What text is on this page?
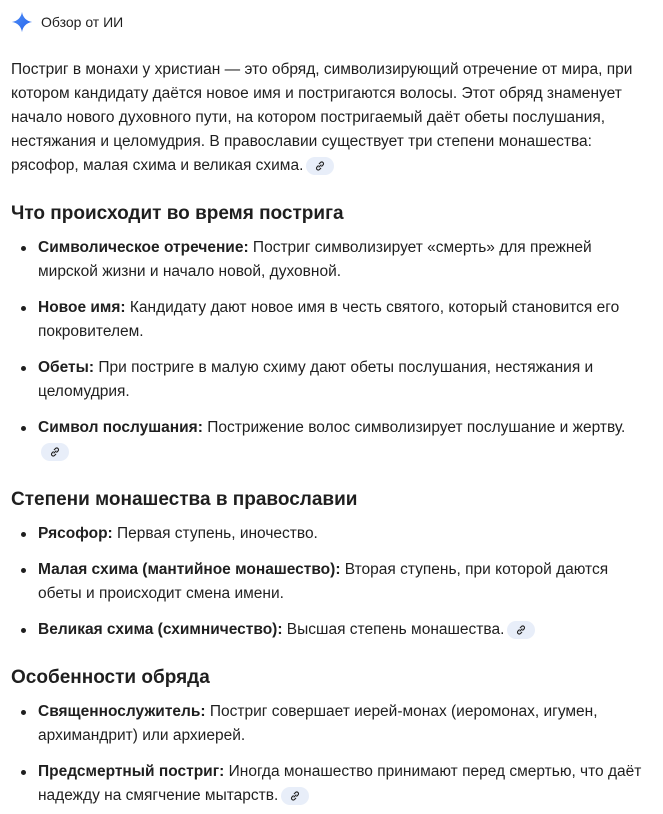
Обзор от ИИ

Постриг в монахи у христиан — это обряд, символизирующий отречение от мира, при котором кандидату даётся новое имя и постригаются волосы. Этот обряд знаменует начало нового духовного пути, на котором постригаемый даёт обеты послушания, нестяжания и целомудрия. В православии существует три степени монашества: рясофор, малая схима и великая схима.

Что происходит во время пострига
Символическое отречение: Постриг символизирует «смерть» для прежней мирской жизни и начало новой, духовной.
Новое имя: Кандидату дают новое имя в честь святого, который становится его покровителем.
Обеты: При постриге в малую схиму дают обеты послушания, нестяжания и целомудрия.
Символ послушания: Пострижение волос символизирует послушание и жертву.
Степени монашества в православии
Рясофор: Первая ступень, иночество.
Малая схима (мантийное монашество): Вторая ступень, при которой даются обеты и происходит смена имени.
Великая схима (схимничество): Высшая степень монашества.
Особенности обряда
Священнослужитель: Постриг совершает иерей-монах (иеромонах, игумен, архимандрит) или архиерей.
Предсмертный постриг: Иногда монашество принимают перед смертью, что даёт надежду на смягчение мытарств.
